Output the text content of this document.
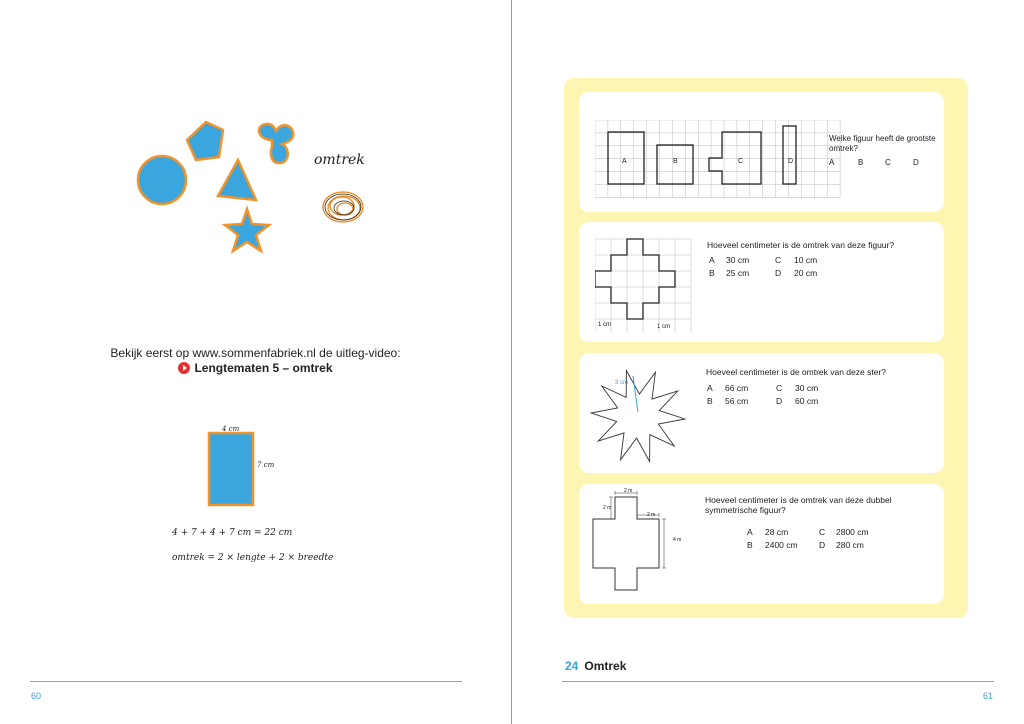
omtrek
Bekijk eerst op www.sommenfabriek.nl de uitleg-video:
Lengtematen 5 – omtrek
4 cm
7 cm
4 + 7 + 4 + 7 cm = 22 cm
omtrek = 2 × lengte + 2 × breedte
60
A	B	C	D
Welke figuur heeft de grootste omtrek?
A	B	C	D
1 cm	1 cm
Hoeveel centimeter is de omtrek van deze figuur?
A 30 cm	C 10 cm
B 25 cm	D 20 cm
3 cm
Hoeveel centimeter is de omtrek van deze ster?
A 66 cm	C 30 cm
B 56 cm	D 60 cm
2 m
2 m
2 m
4 m
Hoeveel centimeter is de omtrek van deze dubbel symmetrische figuur?
A 28 cm	C 2800 cm
B 2400 cm	D 280 cm
24 Omtrek
61
